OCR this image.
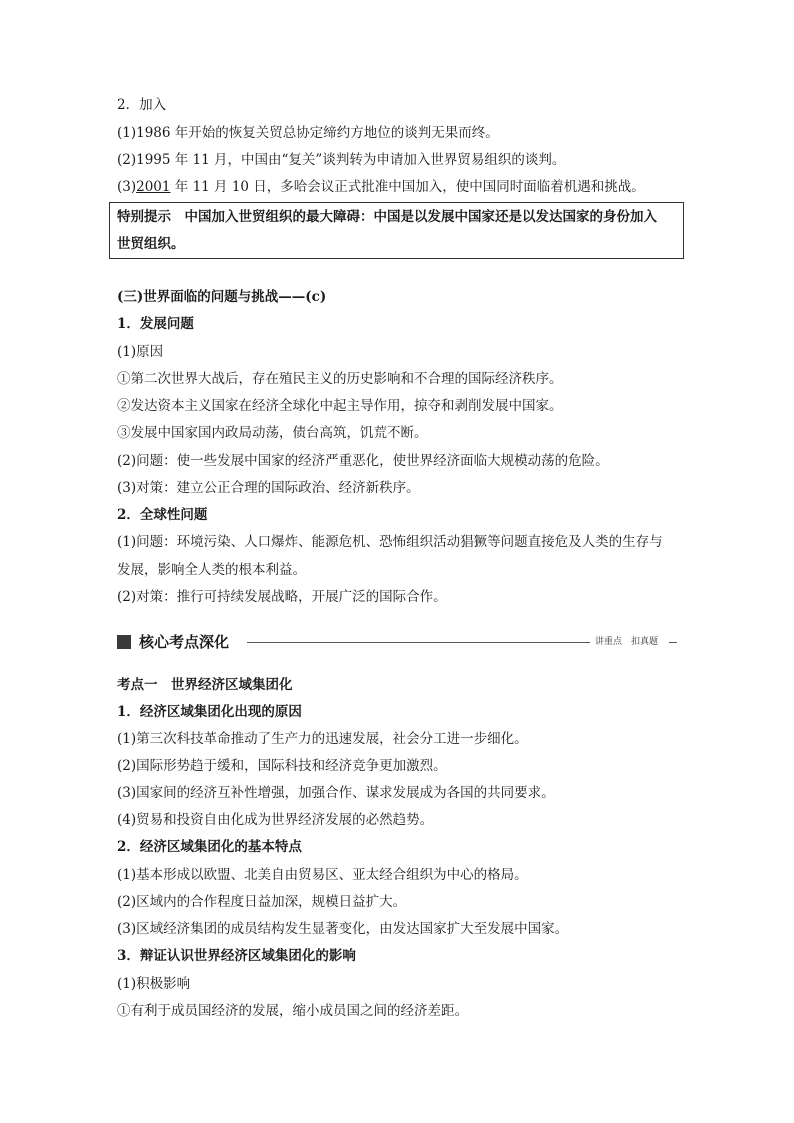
2．加入
(1)1986 年开始的恢复关贸总协定缔约方地位的谈判无果而终。
(2)1995 年 11 月，中国由“复关”谈判转为申请加入世界贸易组织的谈判。
(3)2001 年 11 月 10 日，多哈会议正式批准中国加入，使中国同时面临着机遇和挑战。
特别提示　中国加入世贸组织的最大障碍：中国是以发展中国家还是以发达国家的身份加入
世贸组织。
(三)世界面临的问题与挑战——(c)
1．发展问题
(1)原因
①第二次世界大战后，存在殖民主义的历史影响和不合理的国际经济秩序。
②发达资本主义国家在经济全球化中起主导作用，掠夺和剥削发展中国家。
③发展中国家国内政局动荡，债台高筑，饥荒不断。
(2)问题：使一些发展中国家的经济严重恶化，使世界经济面临大规模动荡的危险。
(3)对策：建立公正合理的国际政治、经济新秩序。
2．全球性问题
(1)问题：环境污染、人口爆炸、能源危机、恐怖组织活动猖獗等问题直接危及人类的生存与
发展，影响全人类的根本利益。
(2)对策：推行可持续发展战略，开展广泛的国际合作。
核心考点深化	讲重点　扣真题
考点一　世界经济区域集团化
1．经济区域集团化出现的原因
(1)第三次科技革命推动了生产力的迅速发展，社会分工进一步细化。
(2)国际形势趋于缓和，国际科技和经济竞争更加激烈。
(3)国家间的经济互补性增强，加强合作、谋求发展成为各国的共同要求。
(4)贸易和投资自由化成为世界经济发展的必然趋势。
2．经济区域集团化的基本特点
(1)基本形成以欧盟、北美自由贸易区、亚太经合组织为中心的格局。
(2)区域内的合作程度日益加深，规模日益扩大。
(3)区域经济集团的成员结构发生显著变化，由发达国家扩大至发展中国家。
3．辩证认识世界经济区域集团化的影响
(1)积极影响
①有利于成员国经济的发展，缩小成员国之间的经济差距。
